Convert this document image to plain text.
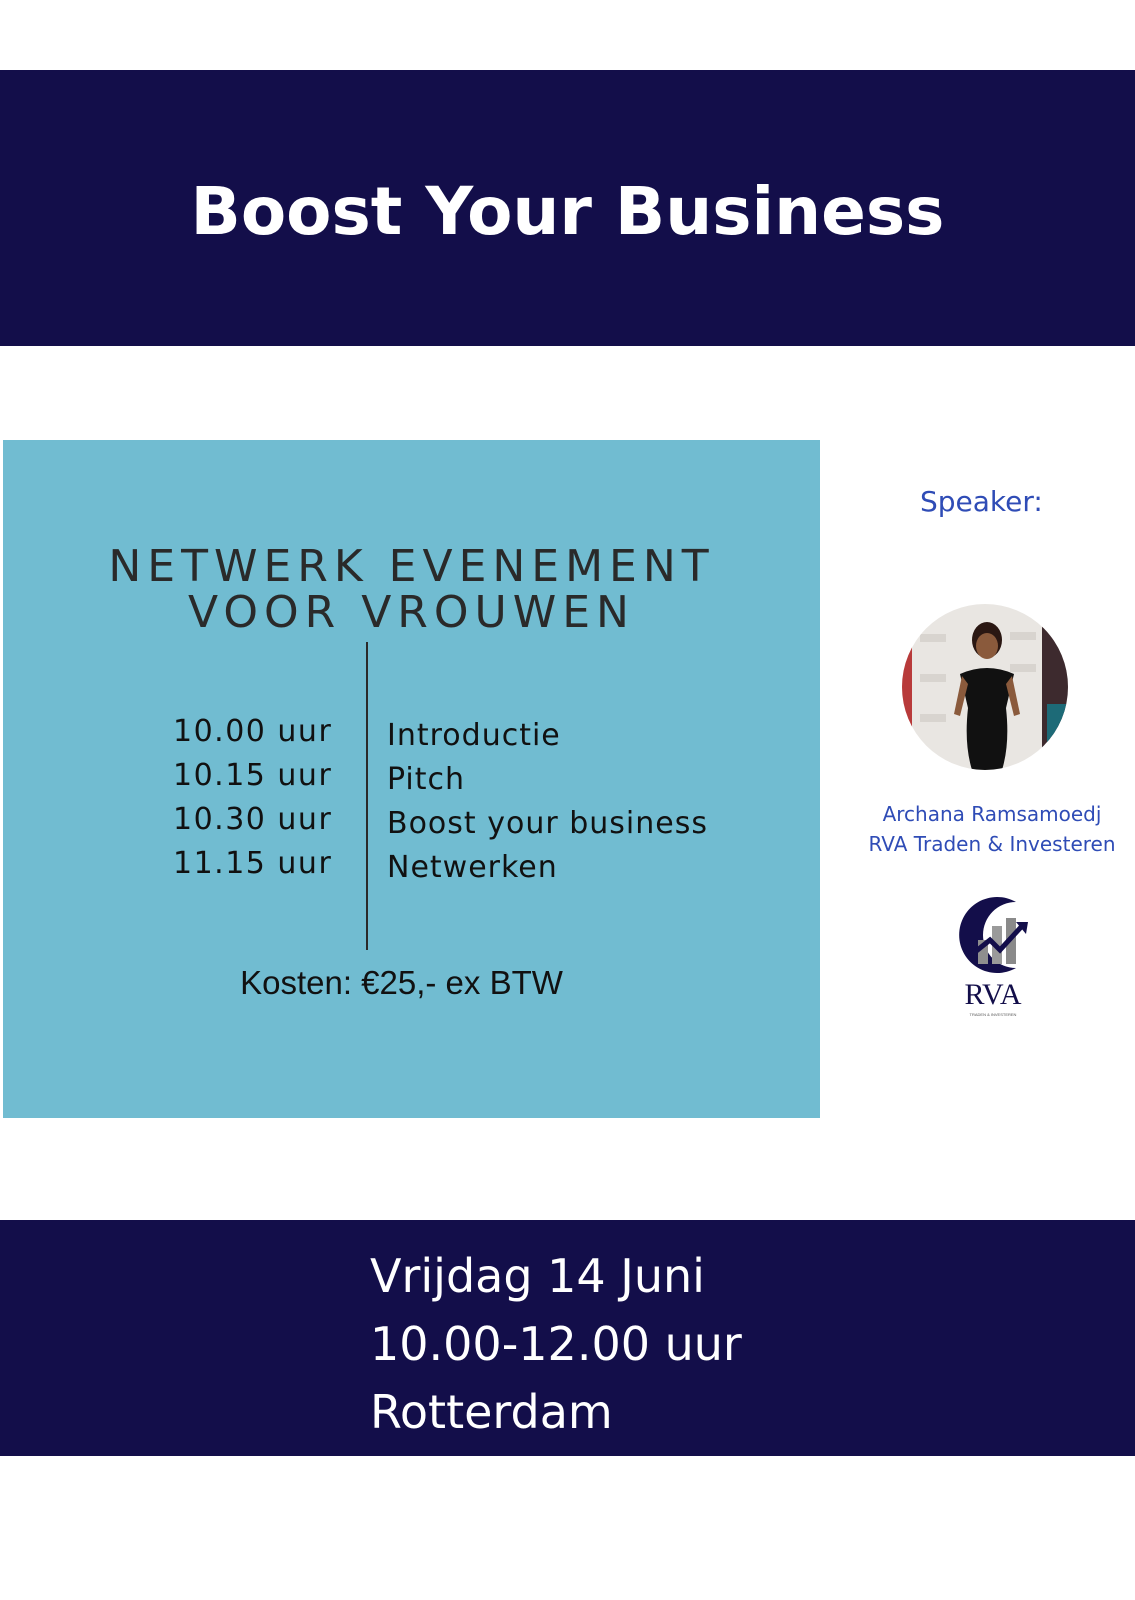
Boost Your Business
NETWERK EVENEMENT
VOOR VROUWEN
10.00 uur
10.15 uur
10.30 uur
11.15 uur
Introductie
Pitch
Boost your business
Netwerken
Kosten: €25,- ex BTW
Speaker:
Archana Ramsamoedj
RVA Traden & Investeren
RVA
TRADEN & INVESTEREN
Vrijdag 14 Juni
10.00-12.00 uur
Rotterdam
